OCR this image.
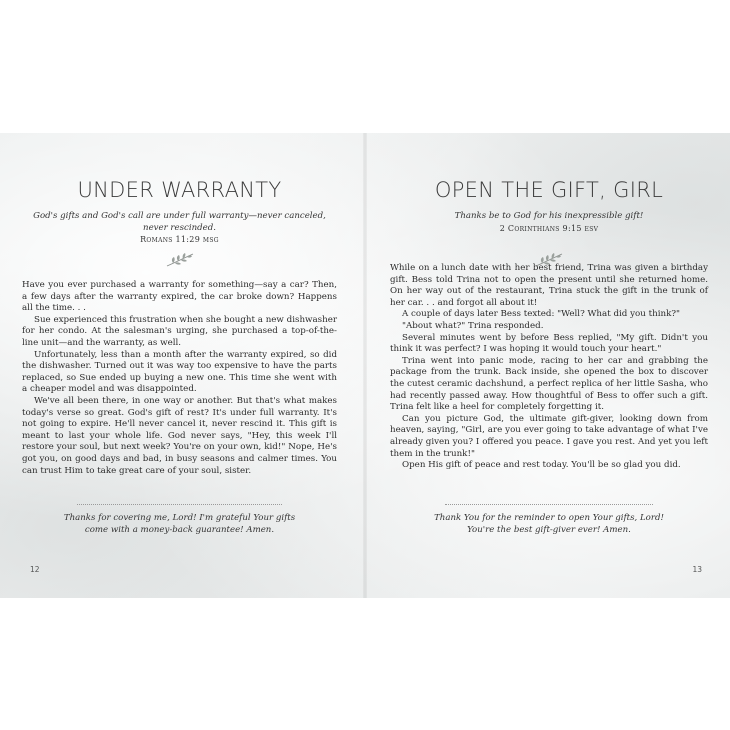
UNDER WARRANTY
God's gifts and God's call are under full warranty—never canceled, never rescinded.
Romans 11:29 msg

Have you ever purchased a warranty for something—say a car? Then, a few days after the warranty expired, the car broke down? Happens all the time. . .

Sue experienced this frustration when she bought a new dishwasher for her condo. At the salesman's urging, she purchased a top-of-the-line unit—and the warranty, as well.

Unfortunately, less than a month after the warranty expired, so did the dishwasher. Turned out it was way too expensive to have the parts replaced, so Sue ended up buying a new one. This time she went with a cheaper model and was disappointed.

We've all been there, in one way or another. But that's what makes today's verse so great. God's gift of rest? It's under full warranty. It's not going to expire. He'll never cancel it, never rescind it. This gift is meant to last your whole life. God never says, "Hey, this week I'll restore your soul, but next week? You're on your own, kid!" Nope, He's got you, on good days and bad, in busy seasons and calmer times. You can trust Him to take great care of your soul, sister.

Thanks for covering me, Lord! I'm grateful Your gifts come with a money-back guarantee! Amen.
12
OPEN THE GIFT, GIRL
Thanks be to God for his inexpressible gift!
2 Corinthians 9:15 esv

While on a lunch date with her best friend, Trina was given a birthday gift. Bess told Trina not to open the present until she returned home. On her way out of the restaurant, Trina stuck the gift in the trunk of her car. . . and forgot all about it!

A couple of days later Bess texted: "Well? What did you think?"

"About what?" Trina responded.

Several minutes went by before Bess replied, "My gift. Didn't you think it was perfect? I was hoping it would touch your heart."

Trina went into panic mode, racing to her car and grabbing the package from the trunk. Back inside, she opened the box to discover the cutest ceramic dachshund, a perfect replica of her little Sasha, who had recently passed away. How thoughtful of Bess to offer such a gift. Trina felt like a heel for completely forgetting it.

Can you picture God, the ultimate gift-giver, looking down from heaven, saying, "Girl, are you ever going to take advantage of what I've already given you? I offered you peace. I gave you rest. And yet you left them in the trunk!"

Open His gift of peace and rest today. You'll be so glad you did.

Thank You for the reminder to open Your gifts, Lord! You're the best gift-giver ever! Amen.
13
